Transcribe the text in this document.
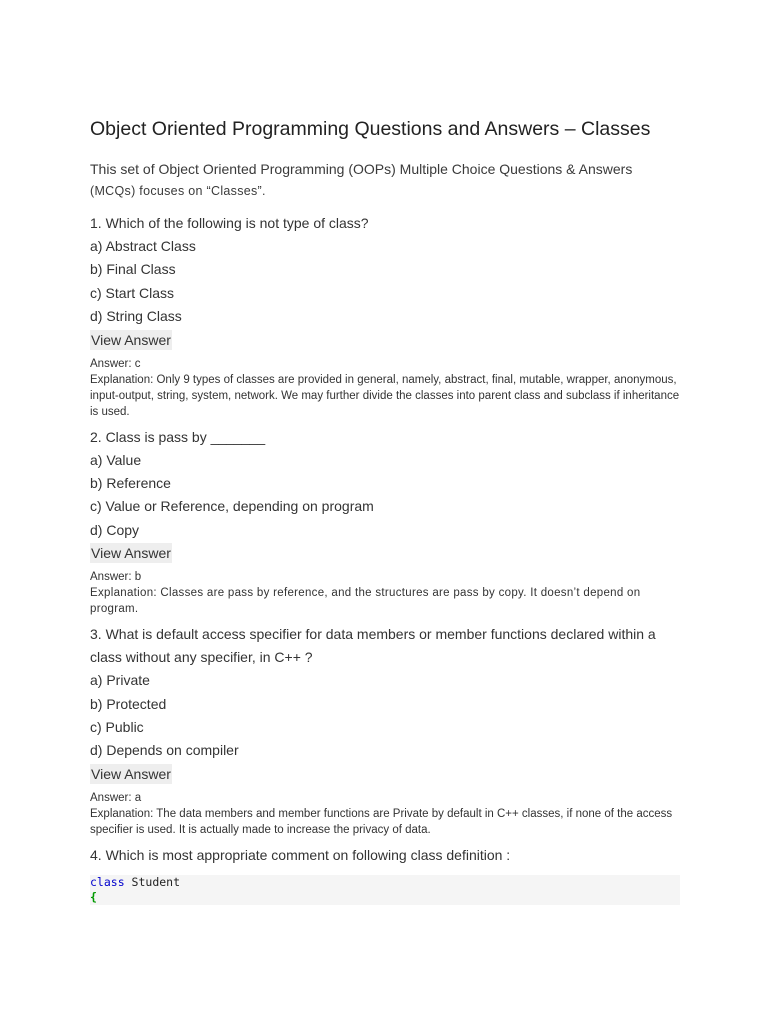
Object Oriented Programming Questions and Answers – Classes
This set of Object Oriented Programming (OOPs) Multiple Choice Questions & Answers
(MCQs) focuses on “Classes”.
1. Which of the following is not type of class?
a) Abstract Class
b) Final Class
c) Start Class
d) String Class
View Answer
Answer: c
Explanation: Only 9 types of classes are provided in general, namely, abstract, final, mutable, wrapper, anonymous, input-output, string, system, network. We may further divide the classes into parent class and subclass if inheritance is used.
2. Class is pass by _______
a) Value
b) Reference
c) Value or Reference, depending on program
d) Copy
View Answer
Answer: b
Explanation: Classes are pass by reference, and the structures are pass by copy. It doesn’t depend on program.
3. What is default access specifier for data members or member functions declared within a class without any specifier, in C++ ?
a) Private
b) Protected
c) Public
d) Depends on compiler
View Answer
Answer: a
Explanation: The data members and member functions are Private by default in C++ classes, if none of the access specifier is used. It is actually made to increase the privacy of data.
4. Which is most appropriate comment on following class definition :
class Student
{
